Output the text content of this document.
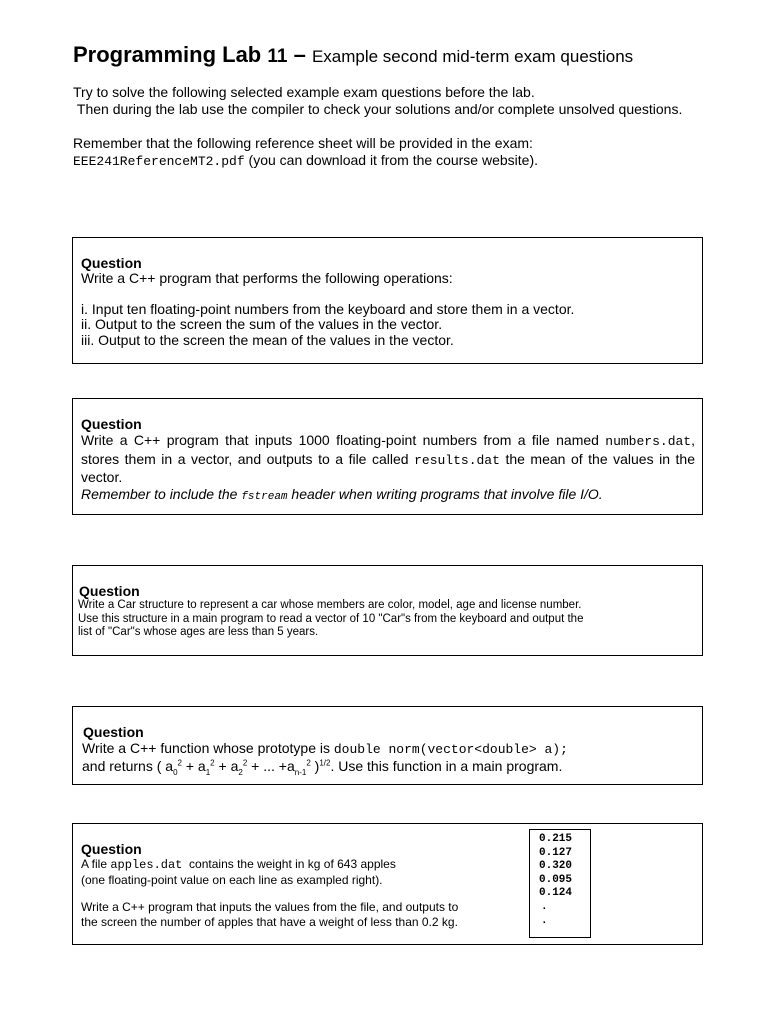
Programming Lab 11 – Example second mid-term exam questions

Try to solve the following selected example exam questions before the lab.

Then during the lab use the compiler to check your solutions and/or complete unsolved questions.

Remember that the following reference sheet will be provided in the exam:

EEE241ReferenceMT2.pdf (you can download it from the course website).

Question

Write a C++ program that performs the following operations:

i. Input ten floating-point numbers from the keyboard and store them in a vector.

ii. Output to the screen the sum of the values in the vector.

iii. Output to the screen the mean of the values in the vector.

Question

Write a C++ program that inputs 1000 floating-point numbers from a file named numbers.dat, stores them in a vector, and outputs to a file called results.dat the mean of the values in the vector.

Remember to include the fstream header when writing programs that involve file I/O.

Question

Write a Car structure to represent a car whose members are color, model, age and license number.

Use this structure in a main program to read a vector of 10 "Car"s from the keyboard and output the

list of "Car"s whose ages are less than 5 years.

Question

Write a C++ function whose prototype is double norm(vector<double> a);

and returns ( $a_0^2 + a_1^2 + a_2^2$ + ... $+a_{n-1}^2$ )$^{1/2}$. Use this function in a main program.

Question

A file apples.dat  contains the weight in kg of 643 apples

(one floating-point value on each line as exampled right).

Write a C++ program that inputs the values from the file, and outputs to

the screen the number of apples that have a weight of less than 0.2 kg.

0.215
0.127
0.320
0.095
0.124
.
.
